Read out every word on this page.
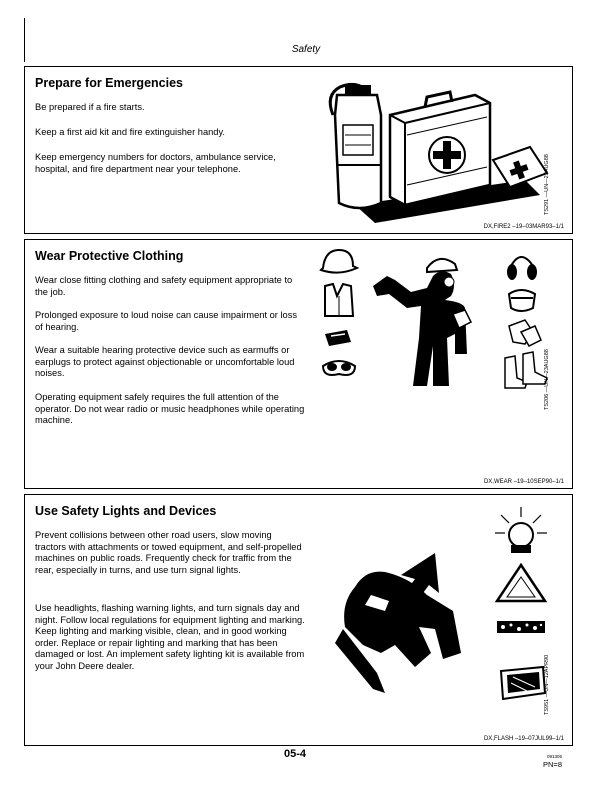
Safety
Prepare for Emergencies
Be prepared if a fire starts.
Keep a first aid kit and fire extinguisher handy.
Keep emergency numbers for doctors, ambulance service, hospital, and fire department near your telephone.	TS291 —UN—23AUG88
DX,FIRE2 –19–03MAR93–1/1
Wear Protective Clothing
Wear close fitting clothing and safety equipment appropriate to the job.
Prolonged exposure to loud noise can cause impairment or loss of hearing.
Wear a suitable hearing protective device such as earmuffs or earplugs to protect against objectionable or uncomfortable loud noises.
Operating equipment safely requires the full attention of the operator. Do not wear radio or music headphones while operating machine.
TS206 —UN—23AUG88
DX,WEAR –19–10SEP90–1/1
Use Safety Lights and Devices
Prevent collisions between other road users, slow moving tractors with attachments or towed equipment, and self-propelled machines on public roads. Frequently check for traffic from the rear, especially in turns, and use turn signal lights.
Use headlights, flashing warning lights, and turn signals day and night. Follow local regulations for equipment lighting and marking. Keep lighting and marking visible, clean, and in good working order. Replace or repair lighting and marking that has been damaged or lost. An implement safety lighting kit is available from your John Deere dealer.	TS951 —UN—12APR90
DX,FLASH –19–07JUL99–1/1
05-4	091305
PN=8
